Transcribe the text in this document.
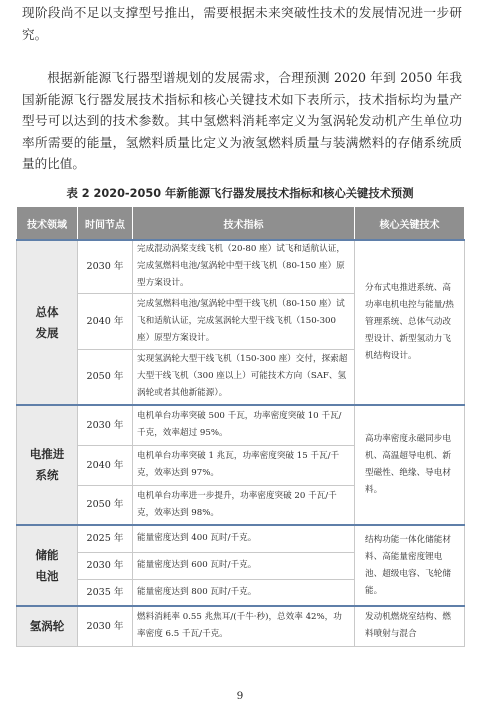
现阶段尚不足以支撑型号推出，需要根据未来突破性技术的发展情况进一步研究。

根据新能源飞行器型谱规划的发展需求，合理预测 2020 年到 2050 年我国新能源飞行器发展技术指标和核心关键技术如下表所示，技术指标均为量产型号可以达到的技术参数。其中氢燃料消耗率定义为氢涡轮发动机产生单位功率所需要的能量，氢燃料质量比定义为液氢燃料质量与装满燃料的存储系统质量的比值。

表 2 2020-2050 年新能源飞行器发展技术指标和核心关键技术预测
技术领域	时间节点	技术指标	核心关键技术
总体
发展	2030 年	完成混动涡桨支线飞机（20-80 座）试飞和适航认证，完成氢燃料电池/氢涡轮中型干线飞机（80-150 座）原型方案设计。	分布式电推进系统、高功率电机电控与能量/热管理系统、总体气动改型设计、新型氢动力飞机结构设计。
	2040 年	完成氢燃料电池/氢涡轮中型干线飞机（80-150 座）试飞和适航认证，完成氢涡轮大型干线飞机（150-300 座）原型方案设计。	
	2050 年	实现氢涡轮大型干线飞机（150-300 座）交付，探索超大型干线飞机（300 座以上）可能技术方向（SAF、氢涡轮或者其他新能源）。	
电推进
系统	2030 年	电机单台功率突破 500 千瓦，功率密度突破 10 千瓦/千克，效率超过 95%。	高功率密度永磁同步电机、高温超导电机、新型磁性、绝缘、导电材料。
	2040 年	电机单台功率突破 1 兆瓦，功率密度突破 15 千瓦/千克，效率达到 97%。	
	2050 年	电机单台功率进一步提升，功率密度突破 20 千瓦/千克，效率达到 98%。	
储能
电池	2025 年	能量密度达到 400 瓦时/千克。	结构功能一体化储能材料、高能量密度锂电池、超级电容、飞轮储能。
	2030 年	能量密度达到 600 瓦时/千克。	
	2035 年	能量密度达到 800 瓦时/千克。	
氢涡轮	2030 年	燃料消耗率 0.55 兆焦耳/(千牛·秒)，总效率 42%，功率密度 6.5 千瓦/千克。	发动机燃烧室结构、燃料喷射与混合
9
